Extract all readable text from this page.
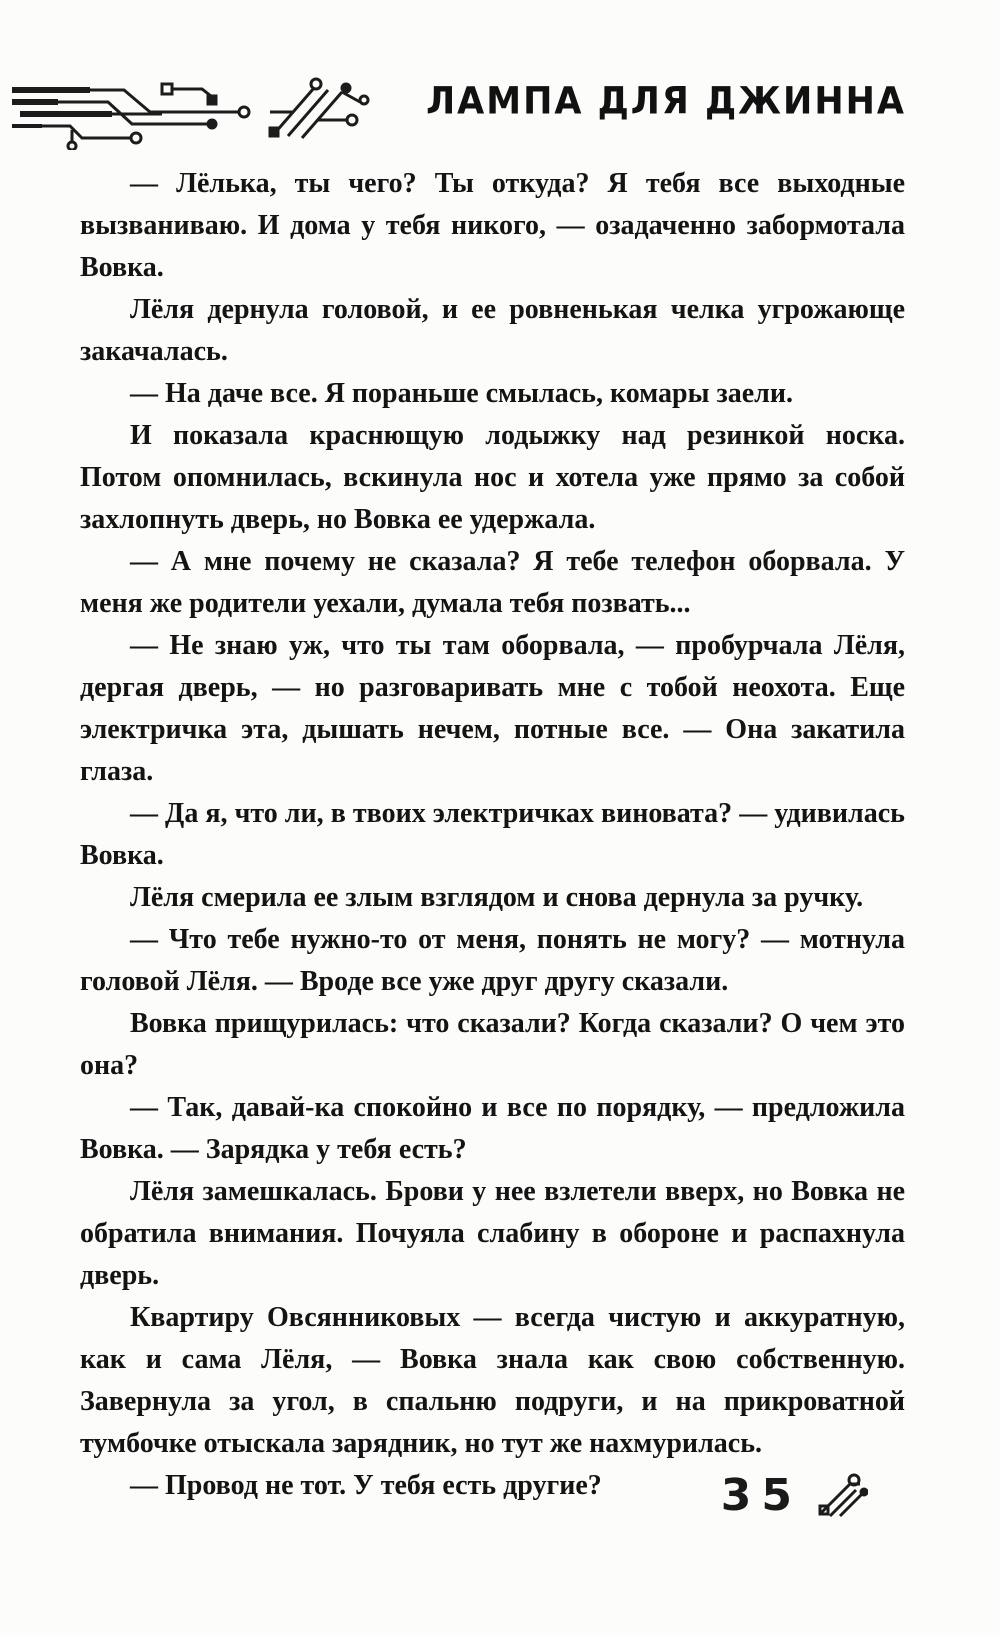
ЛАМПА ДЛЯ ДЖИННА

— Лёлька, ты чего? Ты откуда? Я тебя все выходные вызваниваю. И дома у тебя никого, — озадаченно забормотала Вовка.

Лёля дернула головой, и ее ровненькая челка угрожающе закачалась.

— На даче все. Я пораньше смылась, комары заели.

И показала краснющую лодыжку над резинкой носка. Потом опомнилась, вскинула нос и хотела уже прямо за собой захлопнуть дверь, но Вовка ее удержала.

— А мне почему не сказала? Я тебе телефон оборвала. У меня же родители уехали, думала тебя позвать...

— Не знаю уж, что ты там оборвала, — пробурчала Лёля, дергая дверь, — но разговаривать мне с тобой неохота. Еще электричка эта, дышать нечем, потные все. — Она закатила глаза.

— Да я, что ли, в твоих электричках виновата? — удивилась Вовка.

Лёля смерила ее злым взглядом и снова дернула за ручку.

— Что тебе нужно-то от меня, понять не могу? — мотнула головой Лёля. — Вроде все уже друг другу сказали.

Вовка прищурилась: что сказали? Когда сказали? О чем это она?

— Так, давай-ка спокойно и все по порядку, — предложила Вовка. — Зарядка у тебя есть?

Лёля замешкалась. Брови у нее взлетели вверх, но Вовка не обратила внимания. Почуяла слабину в обороне и распахнула дверь.

Квартиру Овсянниковых — всегда чистую и аккуратную, как и сама Лёля, — Вовка знала как свою собственную. Завернула за угол, в спальню подруги, и на прикроватной тумбочке отыскала зарядник, но тут же нахмурилась.

— Провод не тот. У тебя есть другие?	35
